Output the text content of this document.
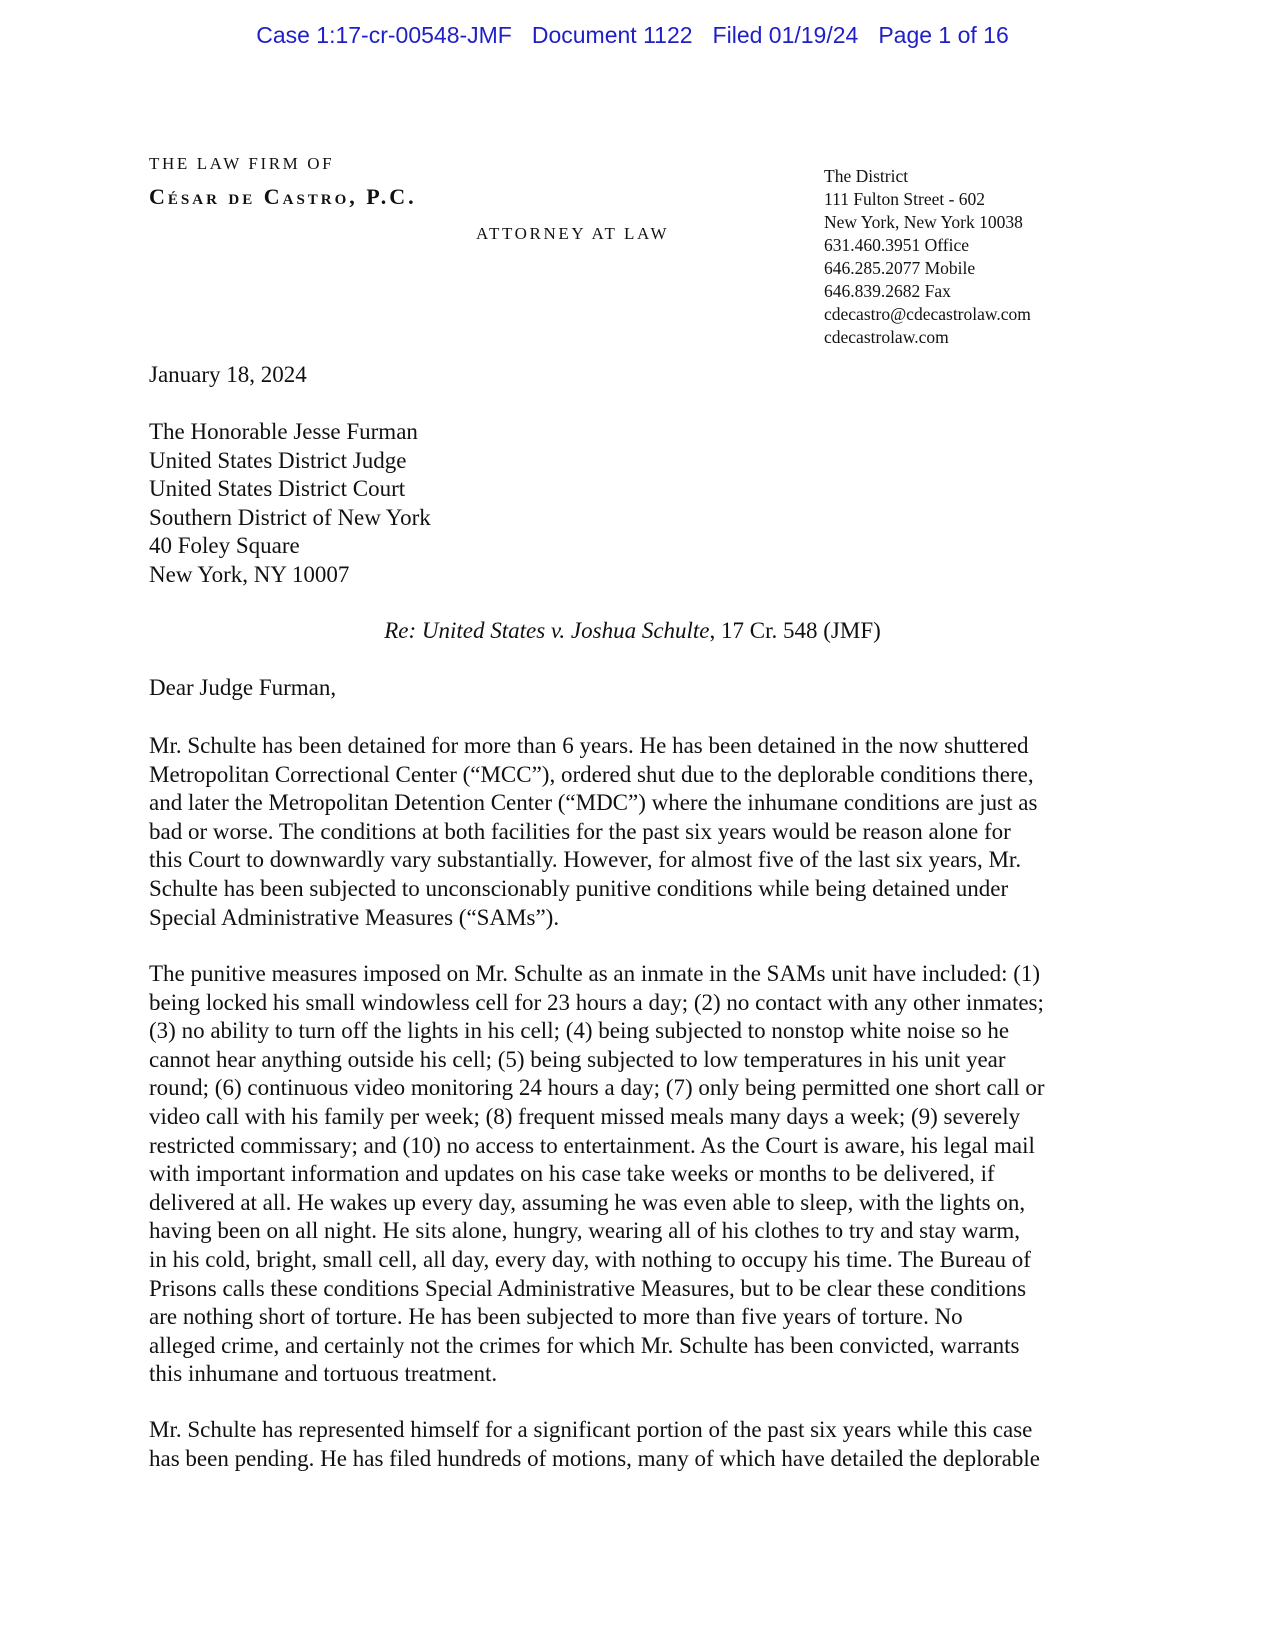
Case 1:17-cr-00548-JMF Document 1122 Filed 01/19/24 Page 1 of 16
THE LAW FIRM OF
César de Castro, P.C.
ATTORNEY AT LAW
The District
111 Fulton Street - 602
New York, New York 10038
631.460.3951 Office
646.285.2077 Mobile
646.839.2682 Fax
cdecastro@cdecastrolaw.com
cdecastrolaw.com
January 18, 2024
The Honorable Jesse Furman
United States District Judge
United States District Court
Southern District of New York
40 Foley Square
New York, NY 10007
Re: United States v. Joshua Schulte, 17 Cr. 548 (JMF)
Dear Judge Furman,
Mr. Schulte has been detained for more than 6 years. He has been detained in the now shuttered
Metropolitan Correctional Center (“MCC”), ordered shut due to the deplorable conditions there,
and later the Metropolitan Detention Center (“MDC”) where the inhumane conditions are just as
bad or worse. The conditions at both facilities for the past six years would be reason alone for
this Court to downwardly vary substantially. However, for almost five of the last six years, Mr.
Schulte has been subjected to unconscionably punitive conditions while being detained under
Special Administrative Measures (“SAMs”).
The punitive measures imposed on Mr. Schulte as an inmate in the SAMs unit have included: (1)
being locked his small windowless cell for 23 hours a day; (2) no contact with any other inmates;
(3) no ability to turn off the lights in his cell; (4) being subjected to nonstop white noise so he
cannot hear anything outside his cell; (5) being subjected to low temperatures in his unit year
round; (6) continuous video monitoring 24 hours a day; (7) only being permitted one short call or
video call with his family per week; (8) frequent missed meals many days a week; (9) severely
restricted commissary; and (10) no access to entertainment. As the Court is aware, his legal mail
with important information and updates on his case take weeks or months to be delivered, if
delivered at all. He wakes up every day, assuming he was even able to sleep, with the lights on,
having been on all night. He sits alone, hungry, wearing all of his clothes to try and stay warm,
in his cold, bright, small cell, all day, every day, with nothing to occupy his time. The Bureau of
Prisons calls these conditions Special Administrative Measures, but to be clear these conditions
are nothing short of torture. He has been subjected to more than five years of torture. No
alleged crime, and certainly not the crimes for which Mr. Schulte has been convicted, warrants
this inhumane and tortuous treatment.
Mr. Schulte has represented himself for a significant portion of the past six years while this case
has been pending. He has filed hundreds of motions, many of which have detailed the deplorable
